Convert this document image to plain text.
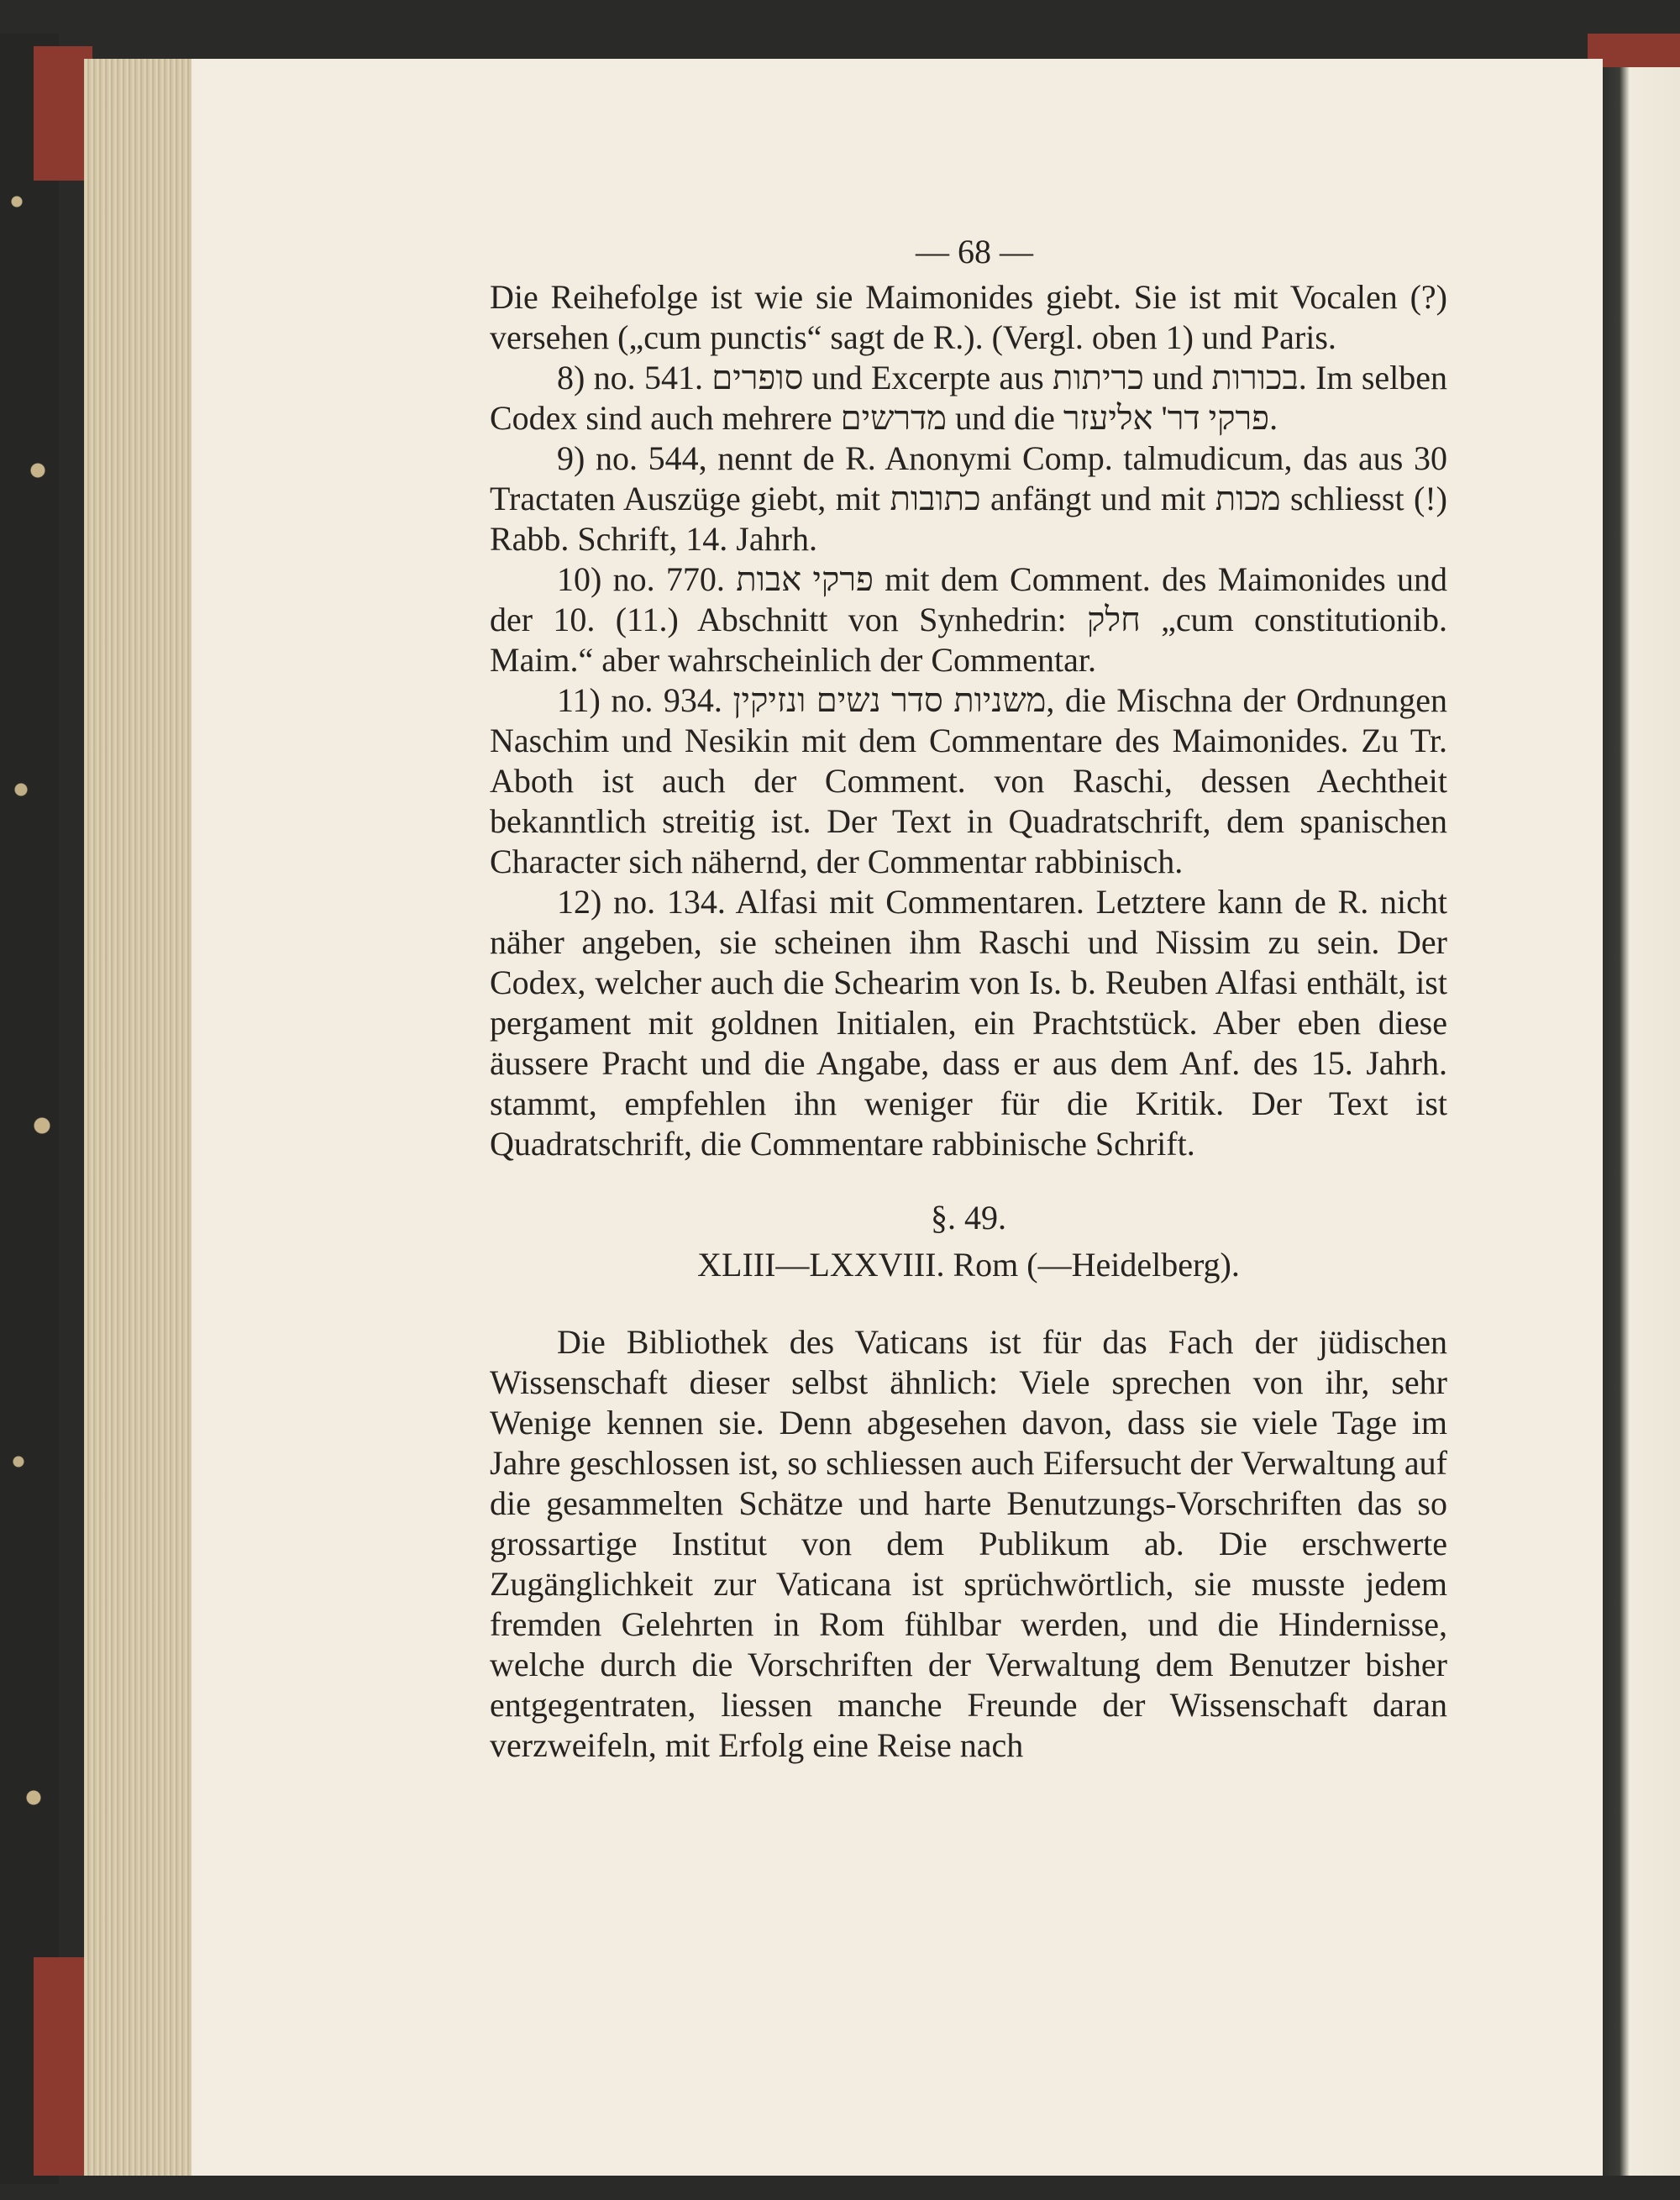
— 68 —

Die Reihefolge ist wie sie Maimonides giebt. Sie ist mit Vocalen (?) versehen („cum punctis“ sagt de R.). (Vergl. oben 1) und Paris.

8) no. 541. סופרים und Excerpte aus כריתות und בכורות. Im selben Codex sind auch mehrere מדרשים und die פרקי דר' אליעזר.

9) no. 544, nennt de R. Anonymi Comp. talmudicum, das aus 30 Tractaten Auszüge giebt, mit כתובות anfängt und mit מכות schliesst (!) Rabb. Schrift, 14. Jahrh.

10) no. 770. פרקי אבות mit dem Comment. des Maimonides und der 10. (11.) Abschnitt von Synhedrin: חלק „cum constitutionib. Maim.“ aber wahrscheinlich der Commentar.

11) no. 934. משניות סדר נשים ונזיקין, die Mischna der Ordnungen Naschim und Nesikin mit dem Commentare des Maimonides. Zu Tr. Aboth ist auch der Comment. von Raschi, dessen Aechtheit bekanntlich streitig ist. Der Text in Quadratschrift, dem spanischen Character sich nähernd, der Commentar rabbinisch.

12) no. 134. Alfasi mit Commentaren. Letztere kann de R. nicht näher angeben, sie scheinen ihm Raschi und Nissim zu sein. Der Codex, welcher auch die Schearim von Is. b. Reuben Alfasi enthält, ist pergament mit goldnen Initialen, ein Prachtstück. Aber eben diese äussere Pracht und die Angabe, dass er aus dem Anf. des 15. Jahrh. stammt, empfehlen ihn weniger für die Kritik. Der Text ist Quadratschrift, die Commentare rabbinische Schrift.

§. 49.

XLIII—LXXVIII. Rom (—Heidelberg).

Die Bibliothek des Vaticans ist für das Fach der jüdischen Wissenschaft dieser selbst ähnlich: Viele sprechen von ihr, sehr Wenige kennen sie. Denn abgesehen davon, dass sie viele Tage im Jahre geschlossen ist, so schliessen auch Eifersucht der Verwaltung auf die gesammelten Schätze und harte Benutzungs-Vorschriften das so grossartige Institut von dem Publikum ab. Die erschwerte Zugänglichkeit zur Vaticana ist sprüchwörtlich, sie musste jedem fremden Gelehrten in Rom fühlbar werden, und die Hindernisse, welche durch die Vorschriften der Verwaltung dem Benutzer bisher entgegentraten, liessen manche Freunde der Wissenschaft daran verzweifeln, mit Erfolg eine Reise nach
